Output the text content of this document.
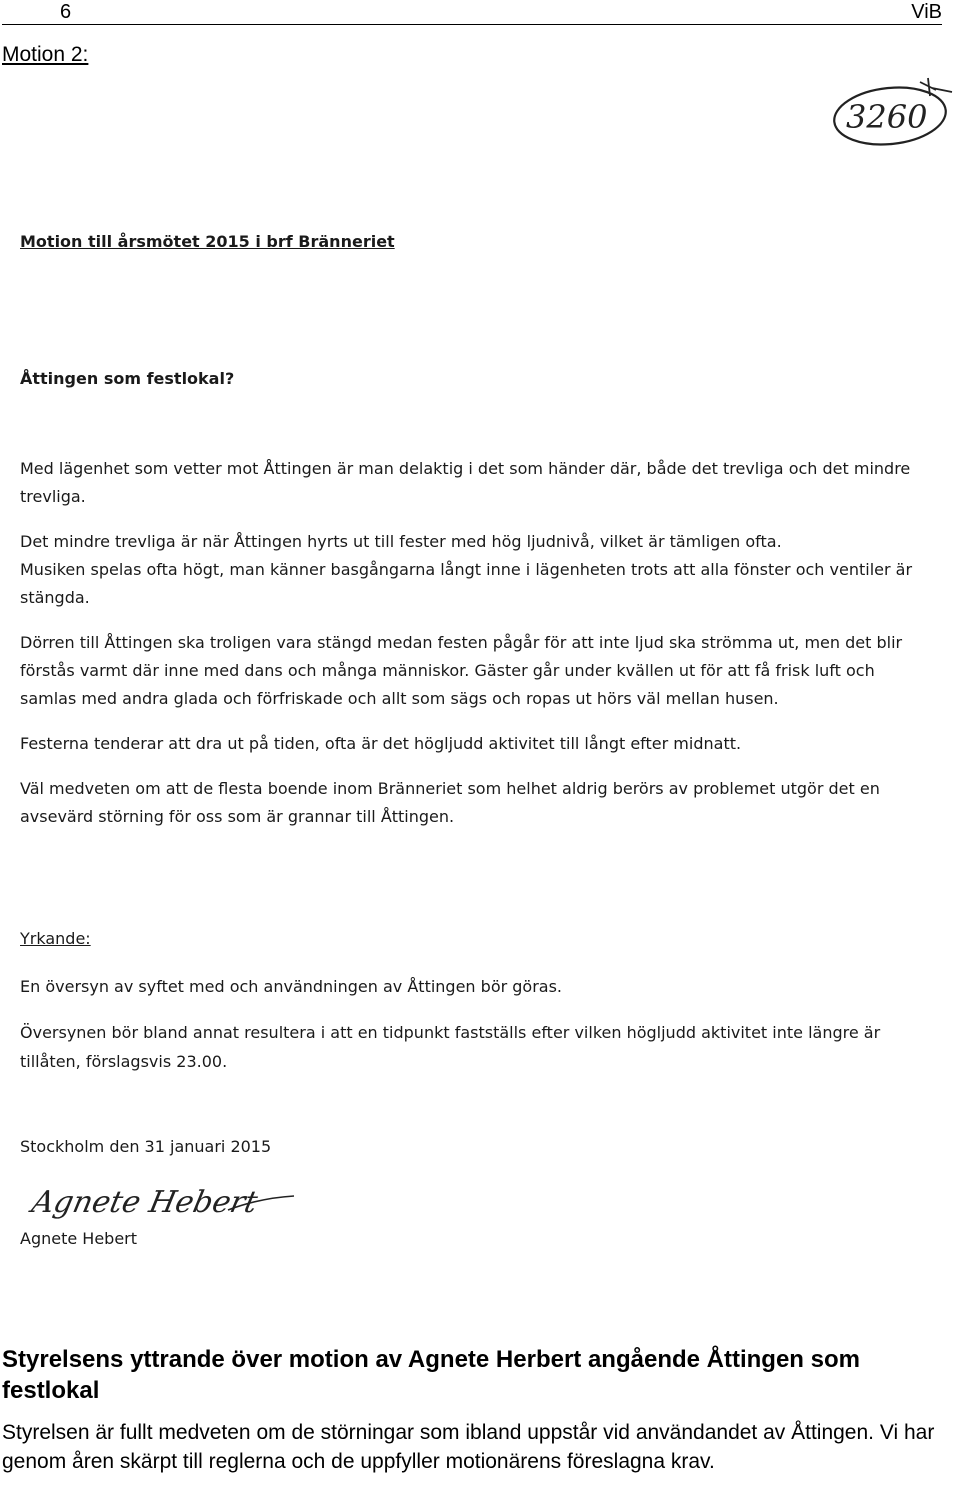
6	ViB
Motion 2:
3260
Motion till årsmötet 2015 i brf Bränneriet
Åttingen som festlokal?

Med lägenhet som vetter mot Åttingen är man delaktig i det som händer där, både det trevliga och det mindre trevliga.

Det mindre trevliga är när Åttingen hyrts ut till fester med hög ljudnivå, vilket är tämligen ofta.

Musiken spelas ofta högt, man känner basgångarna långt inne i lägenheten trots att alla fönster och ventiler är stängda.

Dörren till Åttingen ska troligen vara stängd medan festen pågår för att inte ljud ska strömma ut, men det blir förstås varmt där inne med dans och många människor. Gäster går under kvällen ut för att få frisk luft och samlas med andra glada och förfriskade och allt som sägs och ropas ut hörs väl mellan husen.

Festerna tenderar att dra ut på tiden, ofta är det högljudd aktivitet till långt efter midnatt.

Väl medveten om att de flesta boende inom Bränneriet som helhet aldrig berörs av problemet utgör det en avsevärd störning för oss som är grannar till Åttingen.

Yrkande:

En översyn av syftet med och användningen av Åttingen bör göras.

Översynen bör bland annat resultera i att en tidpunkt fastställs efter vilken högljudd aktivitet inte längre är tillåten, förslagsvis 23.00.

Stockholm den 31 januari 2015
Agnete Hebert
Agnete Hebert
Styrelsens yttrande över motion av Agnete Herbert angående Åttingen som festlokal

Styrelsen är fullt medveten om de störningar som ibland uppstår vid användandet av Åttingen. Vi har genom åren skärpt till reglerna och de uppfyller motionärens föreslagna krav.
